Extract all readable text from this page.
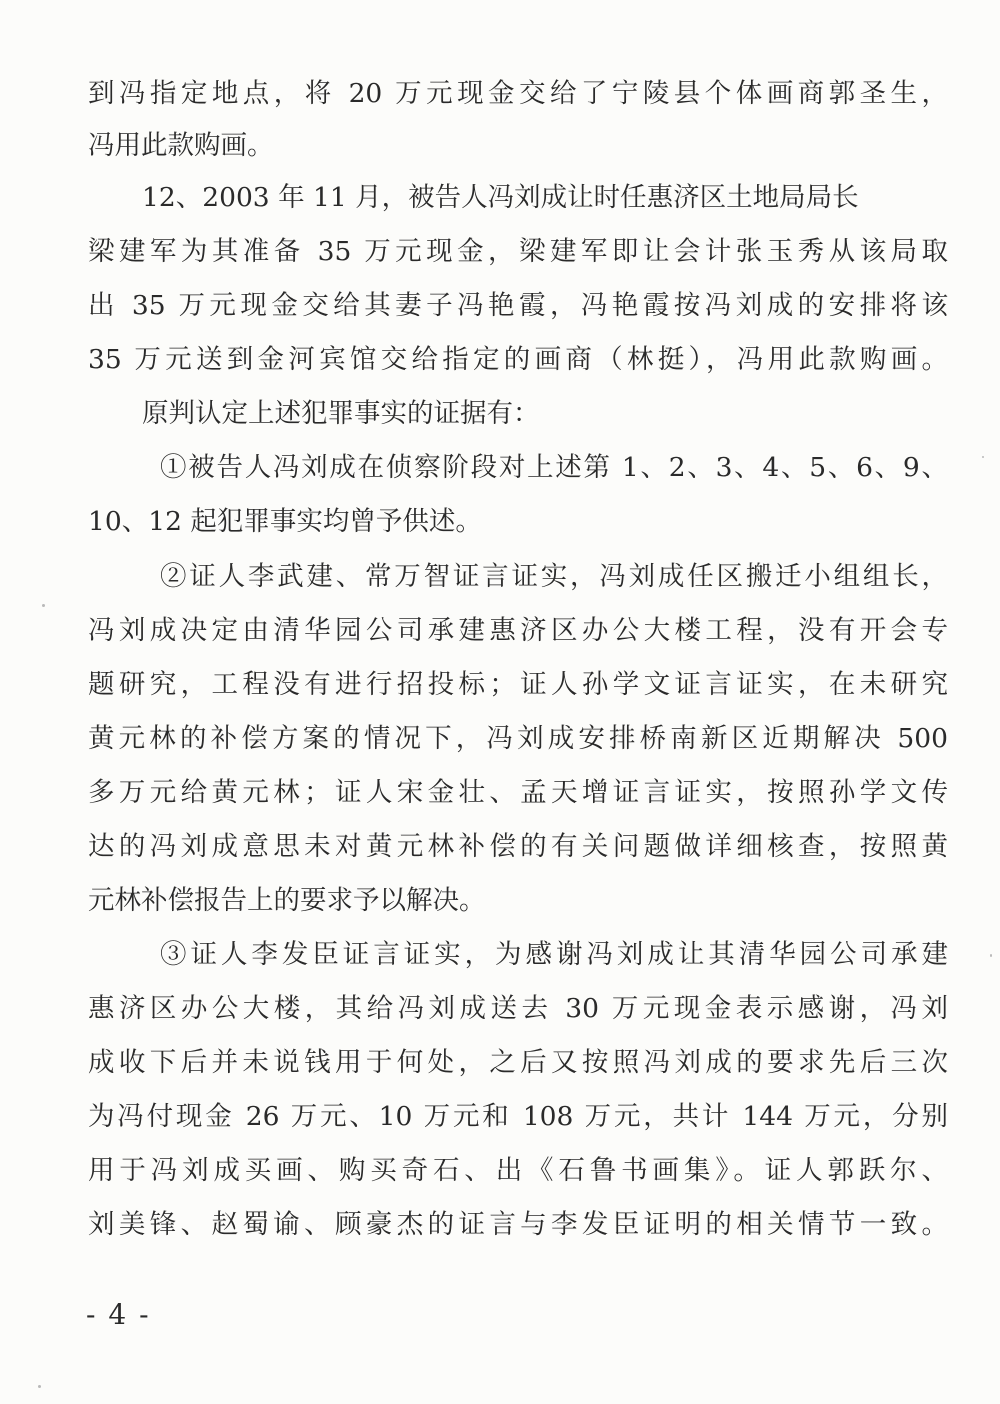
到冯指定地点，将 20 万元现金交给了宁陵县个体画商郭圣生，
冯用此款购画。
12、2003 年 11 月，被告人冯刘成让时任惠济区土地局局长
梁建军为其准备 35 万元现金，梁建军即让会计张玉秀从该局取
出 35 万元现金交给其妻子冯艳霞，冯艳霞按冯刘成的安排将该
35 万元送到金河宾馆交给指定的画商（林挺），冯用此款购画。
原判认定上述犯罪事实的证据有：
①被告人冯刘成在侦察阶段对上述第 1、2、3、4、5、6、9、
10、12 起犯罪事实均曾予供述。
②证人李武建、常万智证言证实，冯刘成任区搬迁小组组长，
冯刘成决定由清华园公司承建惠济区办公大楼工程，没有开会专
题研究，工程没有进行招投标；证人孙学文证言证实，在未研究
黄元林的补偿方案的情况下，冯刘成安排桥南新区近期解决 500
多万元给黄元林；证人宋金壮、孟天增证言证实，按照孙学文传
达的冯刘成意思未对黄元林补偿的有关问题做详细核查，按照黄
元林补偿报告上的要求予以解决。
③证人李发臣证言证实，为感谢冯刘成让其清华园公司承建
惠济区办公大楼，其给冯刘成送去 30 万元现金表示感谢，冯刘
成收下后并未说钱用于何处，之后又按照冯刘成的要求先后三次
为冯付现金 26 万元、10 万元和 108 万元，共计 144 万元，分别
用于冯刘成买画、购买奇石、出《石鲁书画集》。证人郭跃尔、
刘美锋、赵蜀谕、顾豪杰的证言与李发臣证明的相关情节一致。
- 4 -
